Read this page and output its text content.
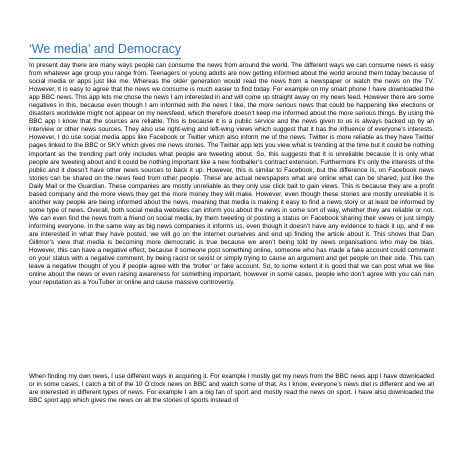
‘We media’ and Democracy

In present day there are many ways people can consume the news from around the world. The different ways we can consume news is easy from whatever age group you range from. Teenagers or young adults are now getting informed about the world around them today because of social media or apps just like me. Whereas the older generation would read the news from a newspaper or watch the news on the TV. However, it is easy to agree that the news we consume is much easier to find today. For example on my smart phone I have downloaded the app BBC news. This app lets me chose the news I am interested in and will come up straight away on my news feed. However there are some negatives in this, because even though I am informed with the news I like, the more serious news that could be happening like elections or disasters worldwide might not appear on my newsfeed, which therefore doesn’t keep me informed about the more serious things. By using the BBC app I know that the sources are reliable. This is because it is a public service and the news given to us is always backed up by an interview or other news sources. They also use right-wing and left-wing views which suggest that it has the influence of everyone’s interests. However, I do use social media apps like Facebook or Twitter which also inform me of the news. Twitter is more reliable as they have Twitter pages linked to the BBC or SKY which gives me news stories. The Twitter app lets you view what is trending at the time but it could be nothing important as the trending part only includes what people are tweeting about. So, this suggests that it is unreliable because it is only what people are tweeting about and it could be nothing important like a new footballer’s contract extension. Furthermore it’s only the interests of the public and it doesn’t have other news sources to back it up. However, this is similar to Facebook, but the difference is, on Facebook news stories can be shared on the news feed from other people. These are actual newspapers what are online what can be shared, just like the Daily Mail or the Guardian. These companies are mostly unreliable as they only use click bait to gain views. This is because they are a profit based company and the more views they get the more money they will make. However, even though these stories are mostly unreliable it is another way people are being informed about the news, meaning that media is making it easy to find a news story or at least be informed by some type of news. Overall, both social media websites can inform you about the news in some sort of way, whether they are reliable or not. We can even find the news from a friend on social media, by them tweeting or posting a status on Facebook sharing their views or just simply informing everyone. In the same way as big news companies it informs us, even though it doesn’t have any evidence to back it up, and if we are interested in what they have posted, we will go on the internet ourselves and end up finding the article about it. This shows that Dan Gillmor’s view that media is becoming more democratic is true because we aren’t being told by news organisations who may be bias. However, this can have a negative effect, because if someone post something online, someone who has made a fake account could comment on your status with a negative comment, by being racist or sexist or simply trying to cause an argument and get people on their side. This can leave a negative thought of you if people agree with the ‘troller’ or fake account. So, to some extent it is good that we can post what we like online about the news or even raising awareness for something important, however in some cases, people who don’t agree with you can ruin your reputation as a YouTuber or online and cause massive controversy.

When finding my own news, I use different ways in acquiring it. For example I mostly get my news from the BBC news app I have downloaded or in some cases, I catch a bit of the 10 O’clock news on BBC and watch some of that. As I know, everyone’s news diet is different and we all are interested in different types of news. For example I am a big fan of sport and mostly read the news on sport. I have also downloaded the BBC sport app which gives me news on all the stories of sports instead of
